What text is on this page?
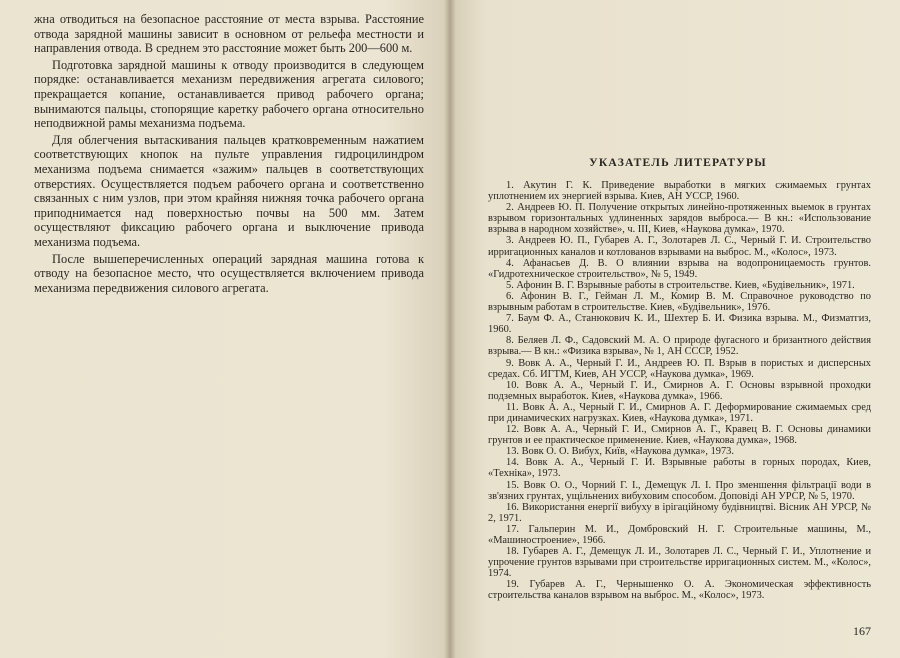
жна отводиться на безопасное расстояние от места взрыва. Расстояние отвода зарядной машины зависит в основном от рельефа местности и направления отвода. В среднем это расстояние может быть 200—600 м.

Подготовка зарядной машины к отводу производится в следующем порядке: останавливается механизм передвижения агрегата силового; прекращается копание, останавливается привод рабочего органа; вынимаются пальцы, стопорящие каретку рабочего органа относительно неподвижной рамы механизма подъема.

Для облегчения вытаскивания пальцев кратковременным нажатием соответствующих кнопок на пульте управления гидроцилиндром механизма подъема снимается «зажим» пальцев в соответствующих отверстиях. Осуществляется подъем рабочего органа и соответственно связанных с ним узлов, при этом крайняя нижняя точка рабочего органа приподнимается над поверхностью почвы на 500 мм. Затем осуществляют фиксацию рабочего органа и выключение привода механизма подъема.

После вышеперечисленных операций зарядная машина готова к отводу на безопасное место, что осуществляется включением привода механизма передвижения силового агрегата.

УКАЗАТЕЛЬ ЛИТЕРАТУРЫ

1. Акутин Г. К. Приведение выработки в мягких сжимаемых грунтах уплотнением их энергией взрыва. Киев, АН УССР, 1960.

2. Андреев Ю. П. Получение открытых линейно-протяженных выемок в грунтах взрывом горизонтальных удлиненных зарядов выброса.— В кн.: «Использование взрыва в народном хозяйстве», ч. III, Киев, «Наукова думка», 1970.

3. Андреев Ю. П., Губарев А. Г., Золотарев Л. С., Черный Г. И. Строительство ирригационных каналов и котлованов взрывами на выброс. М., «Колос», 1973.

4. Афанасьев Д. В. О влиянии взрыва на водопроницаемость грунтов. «Гидротехническое строительство», № 5, 1949.

5. Афонин В. Г. Взрывные работы в строительстве. Киев, «Будівельник», 1971.

6. Афонин В. Г., Гейман Л. М., Комир В. М. Справочное руководство по взрывным работам в строительстве. Киев, «Будівельник», 1976.

7. Баум Ф. А., Станюкович К. И., Шехтер Б. И. Физика взрыва. М., Физматгиз, 1960.

8. Беляев Л. Ф., Садовский М. А. О природе фугасного и бризантного действия взрыва.— В кн.: «Физика взрыва», № 1, АН СССР, 1952.

9. Вовк А. А., Черный Г. И., Андреев Ю. П. Взрыв в пористых и дисперсных средах. Сб. ИГТМ, Киев, АН УССР, «Наукова думка», 1969.

10. Вовк А. А., Черный Г. И., Смирнов А. Г. Основы взрывной проходки подземных выработок. Киев, «Наукова думка», 1966.

11. Вовк А. А., Черный Г. И., Смирнов А. Г. Деформирование сжимаемых сред при динамических нагрузках. Киев, «Наукова думка», 1971.

12. Вовк А. А., Черный Г. И., Смирнов А. Г., Кравец В. Г. Основы динамики грунтов и ее практическое применение. Киев, «Наукова думка», 1968.

13. Вовк О. О. Вибух, Київ, «Наукова думка», 1973.

14. Вовк А. А., Черный Г. И. Взрывные работы в горных породах, Киев, «Техніка», 1973.

15. Вовк О. О., Чорний Г. І., Демещук Л. І. Про зменшення фільтрації води в зв'язних грунтах, ущільнених вибуховим способом. Доповіді АН УРСР, № 5, 1970.

16. Використання енергії вибуху в ірігаційному будівництві. Вісник АН УРСР, № 2, 1971.

17. Гальперин М. И., Домбровский Н. Г. Строительные машины, М., «Машиностроение», 1966.

18. Губарев А. Г., Демещук Л. И., Золотарев Л. С., Черный Г. И., Уплотнение и упрочение грунтов взрывами при строительстве ирригационных систем. М., «Колос», 1974.

19. Губарев А. Г., Чернышенко О. А. Экономическая эффективность строительства каналов взрывом на выброс. М., «Колос», 1973.

167
